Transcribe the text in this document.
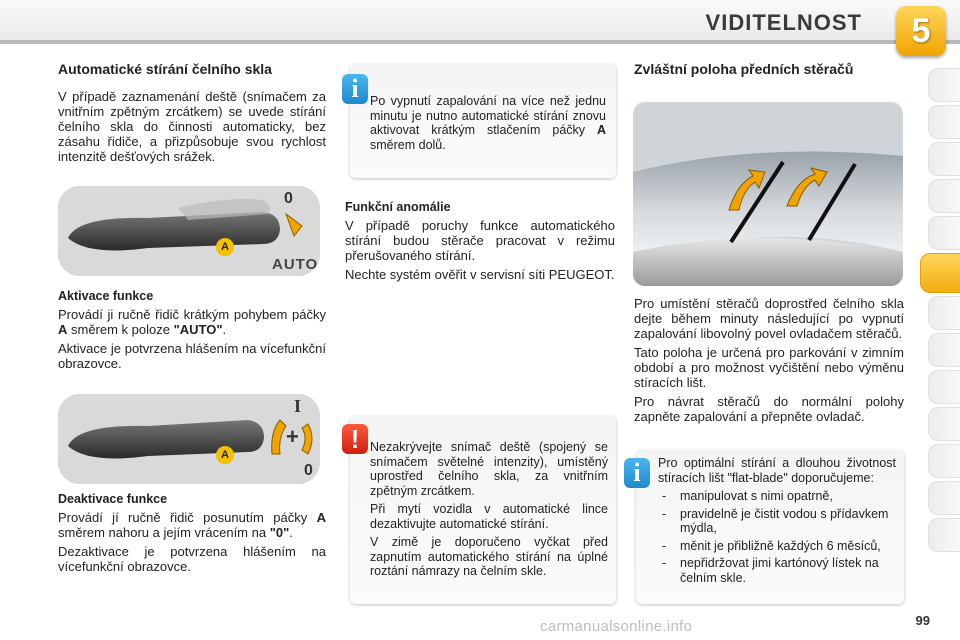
VIDITELNOST	5
Automatické stírání čelního skla

V případě zaznamenání deště (snímačem za vnitřním zpětným zrcátkem) se uvede stírání čelního skla do činnosti automaticky, bez zásahu řidiče, a přizpůsobuje svou rychlost intenzitě dešťových srážek.

A
0
AUTO
Aktivace funkce

Provádí ji ručně řidič krátkým pohybem páčky A směrem k poloze "AUTO".

Aktivace je potvrzena hlášením na vícefunkční obrazovce.

A
I
+
0
Deaktivace funkce

Provádí jí ručně řidič posunutím páčky A směrem nahoru a jejím vrácením na "0".

Dezaktivace je potvrzena hlášením na vícefunkční obrazovce.

i Po vypnutí zapalování na více než jednu minutu je nutno automatické stírání znovu aktivovat krátkým stlačením páčky A směrem dolů.

Funkční anomálie

V případě poruchy funkce automatického stírání budou stěrače pracovat v režimu přerušovaného stírání.

Nechte systém ověřit v servisní síti PEUGEOT.

! Nezakrývejte snímač deště (spojený se snímačem světelné intenzity), umístěný uprostřed čelního skla, za vnitřním zpětným zrcátkem.

Při mytí vozidla v automatické lince dezaktivujte automatické stírání.

V zimě je doporučeno vyčkat před zapnutím automatického stírání na úplné roztání námrazy na čelním skle.

Zvláštní poloha předních stěračů

Pro umístění stěračů doprostřed čelního skla dejte během minuty následující po vypnutí zapalování libovolný povel ovladačem stěračů.

Tato poloha je určená pro parkování v zimním období a pro možnost vyčištění nebo výměnu stíracích lišt.

Pro návrat stěračů do normální polohy zapněte zapalování a přepněte ovladač.

i	Pro optimální stírání a dlouhou životnost stíracích lišt "flat-blade" doporučujeme:

- manipulovat s nimi opatrně,
- pravidelně je čistit vodou s přídavkem mýdla,
- měnit je přibližně každých 6 měsíců,
- nepřidržovat jimi kartónový lístek na čelním skle.
carmanualsonline.info	99
